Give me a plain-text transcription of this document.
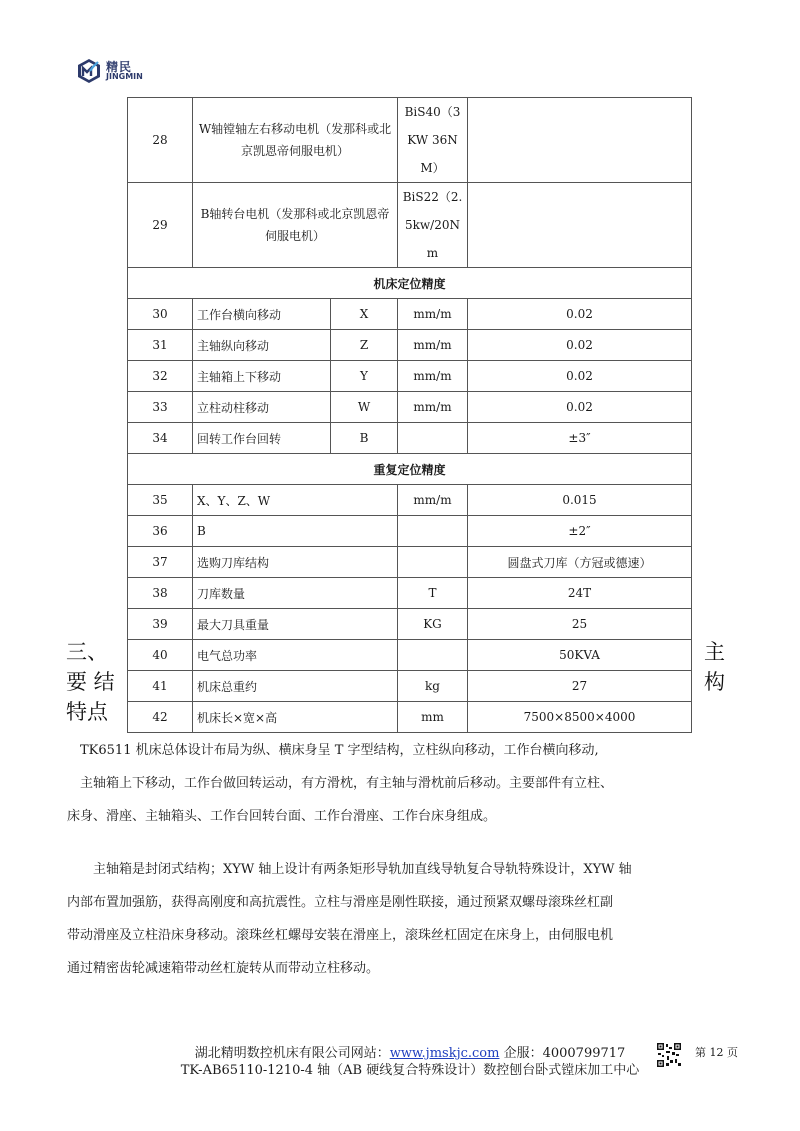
精民
JINGMIN
28	W轴镗轴左右移动电机（发那科或北京凯恩帝伺服电机）		BiS40（3KW 36NM）	
29	B轴转台电机（发那科或北京凯恩帝伺服电机）		BiS22（2.5kw/20Nm	
机床定位精度				
30	工作台横向移动	X	mm/m	0.02
31	主轴纵向移动	Z	mm/m	0.02
32	主轴箱上下移动	Y	mm/m	0.02
33	立柱动柱移动	W	mm/m	0.02
34	回转工作台回转	B		±3″
重复定位精度				
35	X、Y、Z、W		mm/m	0.015
36	B			±2″
37	选购刀库结构			圆盘式刀库（方冠或德速）
38	刀库数量		T	24T
39	最大刀具重量		KG	25
40	电气总功率			50KVA
41	机床总重约		kg	27
42	机床长×宽×高		mm	7500×8500×4000
三、
要 结
特点
主
构
　TK6511 机床总体设计布局为纵、横床身呈 T 字型结构，立柱纵向移动，工作台横向移动,
　主轴箱上下移动，工作台做回转运动，有方滑枕，有主轴与滑枕前后移动。主要部件有立柱、
床身、滑座、主轴箱头、工作台回转台面、工作台滑座、工作台床身组成。
　　主轴箱是封闭式结构；XYW 轴上设计有两条矩形导轨加直线导轨复合导轨特殊设计，XYW 轴
内部布置加强筋，获得高刚度和高抗震性。立柱与滑座是刚性联接，通过预紧双螺母滚珠丝杠副
带动滑座及立柱沿床身移动。滚珠丝杠螺母安装在滑座上，滚珠丝杠固定在床身上，由伺服电机
通过精密齿轮减速箱带动丝杠旋转从而带动立柱移动。
湖北精明数控机床有限公司网站：www.jmskjc.com 企服：4000799717
TK-AB65110-1210-4 轴（AB 硬线复合特殊设计）数控刨台卧式镗床加工中心
第 12 页
